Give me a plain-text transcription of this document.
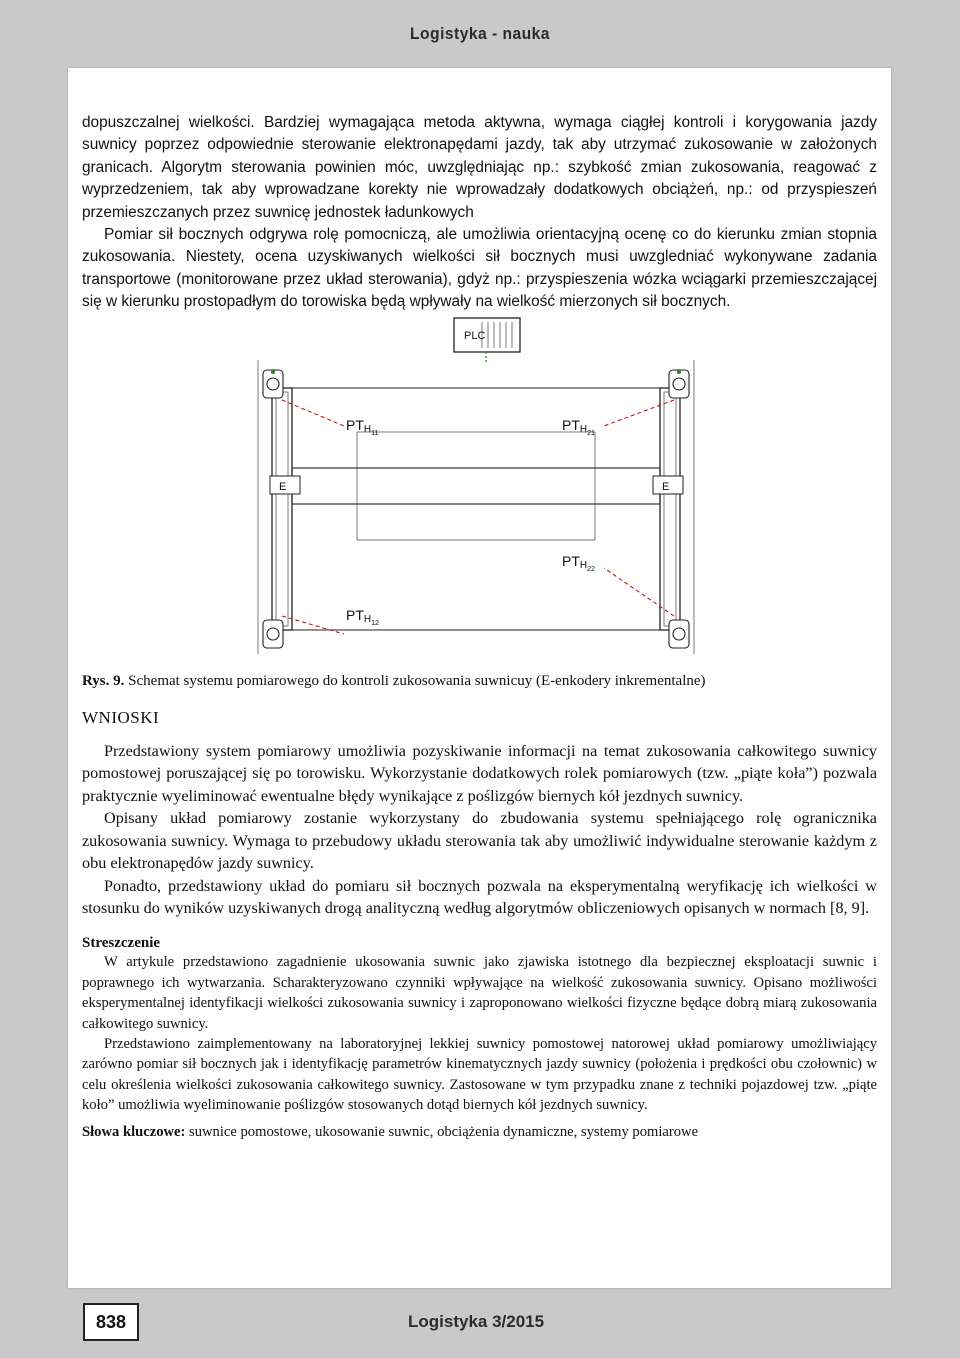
Logistyka - nauka

dopuszczalnej wielkości. Bardziej wymagająca metoda aktywna, wymaga ciągłej kontroli i korygowania jazdy suwnicy poprzez odpowiednie sterowanie elektronapędami jazdy, tak aby utrzymać zukosowanie w założonych granicach. Algorytm sterowania powinien móc, uwzględniając np.: szybkość zmian zukosowania, reagować z wyprzedzeniem, tak aby wprowadzane korekty nie wprowadzały dodatkowych obciążeń, np.: od przyspieszeń przemieszczanych przez suwnicę jednostek ładunkowych

Pomiar sił bocznych odgrywa rolę pomocniczą, ale umożliwia orientacyjną ocenę co do kierunku zmian stopnia zukosowania. Niestety, ocena uzyskiwanych wielkości sił bocznych musi uwzgledniać wykonywane zadania transportowe (monitorowane przez układ sterowania), gdyż np.: przyspieszenia wózka wciągarki przemieszczającej się w kierunku prostopadłym do torowiska będą wpływały na wielkość mierzonych sił bocznych.

PLC
E	E
$PTH_{11}$
$PTH_{21}$
$PTH_{22}$
$PTH_{12}$

Rys. 9. Schemat systemu pomiarowego do kontroli zukosowania suwnicuy (E-enkodery inkrementalne)

WNIOSKI

Przedstawiony system pomiarowy umożliwia pozyskiwanie informacji na temat zukosowania całkowitego suwnicy pomostowej poruszającej się po torowisku. Wykorzystanie dodatkowych rolek pomiarowych (tzw. „piąte koła”) pozwala praktycznie wyeliminować ewentualne błędy wynikające z poślizgów biernych kół jezdnych suwnicy.

Opisany układ pomiarowy zostanie wykorzystany do zbudowania systemu spełniającego rolę ogranicznika zukosowania suwnicy. Wymaga to przebudowy układu sterowania tak aby umożliwić indywidualne sterowanie każdym z obu elektronapędów jazdy suwnicy.

Ponadto, przedstawiony układ do pomiaru sił bocznych pozwala na eksperymentalną weryfikację ich wielkości w stosunku do wyników uzyskiwanych drogą analityczną według algorytmów obliczeniowych opisanych w normach [8, 9].

Streszczenie

W artykule przedstawiono zagadnienie ukosowania suwnic jako zjawiska istotnego dla bezpiecznej eksploatacji suwnic i poprawnego ich wytwarzania. Scharakteryzowano czynniki wpływające na wielkość zukosowania suwnicy. Opisano możliwości eksperymentalnej identyfikacji wielkości zukosowania suwnicy i zaproponowano wielkości fizyczne będące dobrą miarą zukosowania całkowitego suwnicy.

Przedstawiono zaimplementowany na laboratoryjnej lekkiej suwnicy pomostowej natorowej układ pomiarowy umożliwiający zarówno pomiar sił bocznych jak i identyfikację parametrów kinematycznych jazdy suwnicy (położenia i prędkości obu czołownic) w celu określenia wielkości zukosowania całkowitego suwnicy. Zastosowane w tym przypadku znane z techniki pojazdowej tzw. „piąte koło” umożliwia wyeliminowanie poślizgów stosowanych dotąd biernych kół jezdnych suwnicy.

Słowa kluczowe: suwnice pomostowe, ukosowanie suwnic, obciążenia dynamiczne, systemy pomiarowe

838	Logistyka 3/2015
